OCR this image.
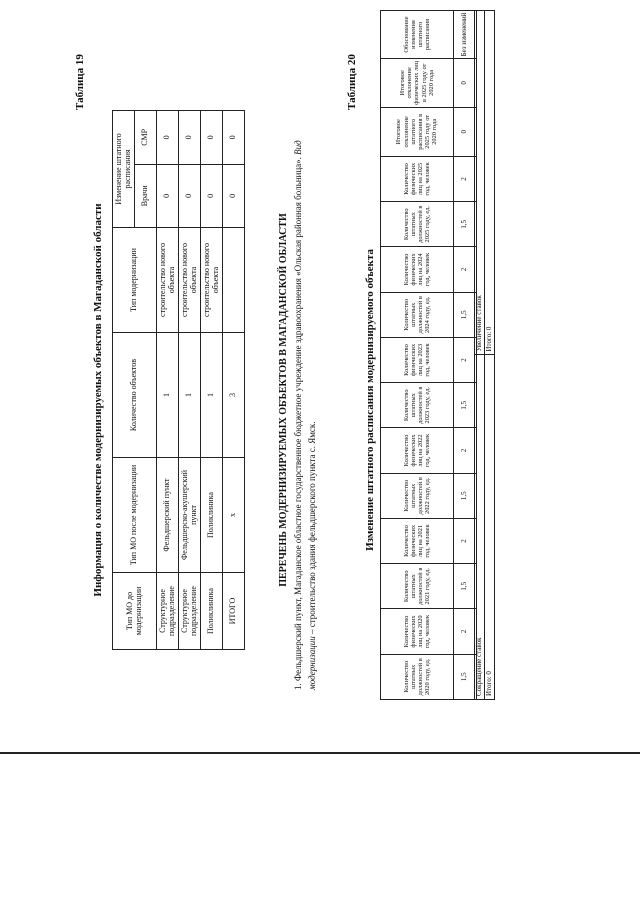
Таблица 19
Информация о количестве модернизируемых объектов в Магаданской области
Тип МО до модернизации	Тип МО после модернизации	Количество объектов	Тип модернизации	Изменение штатного расписания	
				Врачи	СМР
Структурное подразделение	Фельдшерский пункт	1	строительство нового объекта	0	0
Структурное подразделение	Фельдшерско-акушерский пункт	1	строительство нового объекта	0	0
Поликлиника	Поликлиника	1	строительство нового объекта	0	0
ИТОГО	x	3		0	0
ПЕРЕЧЕНЬ МОДЕРНИЗИРУЕМЫХ ОБЪЕКТОВ В МАГАДАНСКОЙ ОБЛАСТИ
1. Фельдшерский пункт, Магаданское областное государственное бюджетное учреждение здравоохранения «Ольская районная больница». Вид модернизации – строительство здания фельдшерского пункта с. Ямск.
Таблица 20
Изменение штатного расписания модернизируемого объекта
Количество штатных должностей в 2020 году, ед.	Количество физических лиц на 2020 год, человек	Количество штатных должностей в 2021 году, ед.	Количество физических лиц на 2021 год, человек	Количество штатных должностей в 2022 году, ед.	Количество физических лиц на 2022 год, человек	Количество штатных должностей в 2023 году, ед.	Количество физических лиц на 2023 год, человек	Количество штатных должностей в 2024 году, ед.	Количество физических лиц на 2024 год, человек	Количество штатных должностей в 2025 году, ед.	Количество физических лиц на 2025 год, человек	Итоговое отклонение штатного расписания в 2025 году от 2020 года	Итоговое отклонение физических лиц в 2025 году от 2020 года	Обоснование изменения штатного расписания
1,5	2	1,5	2	1,5	2	1,5	2	1,5	2	1,5	2	0	0	Без изменений
Сокращение ставок	Увеличение ставок
Итого: 0	Итого: 0
